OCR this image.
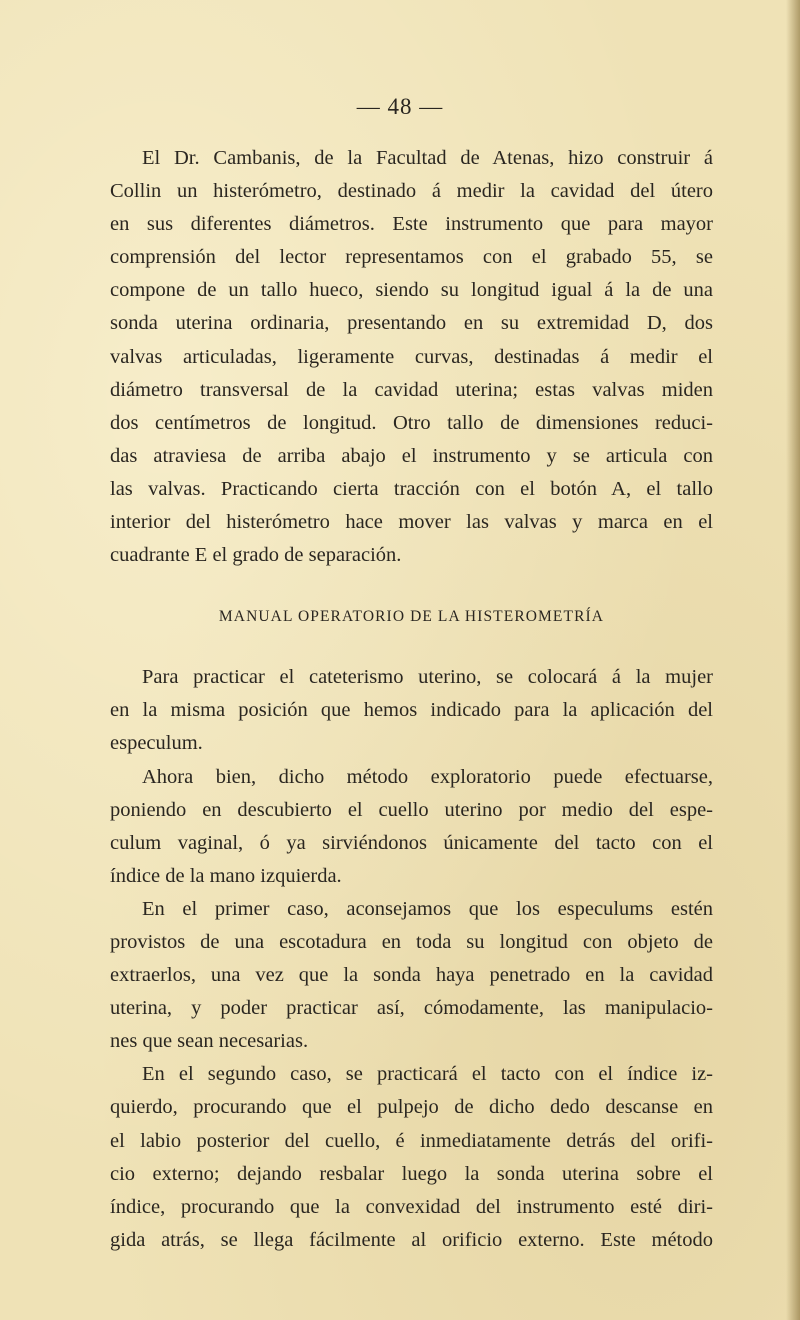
— 48 —

El Dr. Cambanis, de la Facultad de Atenas, hizo construir á

Collin un histerómetro, destinado á medir la cavidad del útero

en sus diferentes diámetros. Este instrumento que para mayor

comprensión del lector representamos con el grabado 55, se

compone de un tallo hueco, siendo su longitud igual á la de una

sonda uterina ordinaria, presentando en su extremidad D, dos

valvas articuladas, ligeramente curvas, destinadas á medir el

diámetro transversal de la cavidad uterina; estas valvas miden

dos centímetros de longitud. Otro tallo de dimensiones reduci-

das atraviesa de arriba abajo el instrumento y se articula con

las valvas. Practicando cierta tracción con el botón A, el tallo

interior del histerómetro hace mover las valvas y marca en el

cuadrante E el grado de separación.

MANUAL OPERATORIO DE LA HISTEROMETRÍA

Para practicar el cateterismo uterino, se colocará á la mujer

en la misma posición que hemos indicado para la aplicación del

especulum.

Ahora bien, dicho método exploratorio puede efectuarse,

poniendo en descubierto el cuello uterino por medio del espe-

culum vaginal, ó ya sirviéndonos únicamente del tacto con el

índice de la mano izquierda.

En el primer caso, aconsejamos que los especulums estén

provistos de una escotadura en toda su longitud con objeto de

extraerlos, una vez que la sonda haya penetrado en la cavidad

uterina, y poder practicar así, cómodamente, las manipulacio-

nes que sean necesarias.

En el segundo caso, se practicará el tacto con el índice iz-

quierdo, procurando que el pulpejo de dicho dedo descanse en

el labio posterior del cuello, é inmediatamente detrás del orifi-

cio externo; dejando resbalar luego la sonda uterina sobre el

índice, procurando que la convexidad del instrumento esté diri-

gida atrás, se llega fácilmente al orificio externo. Este método
